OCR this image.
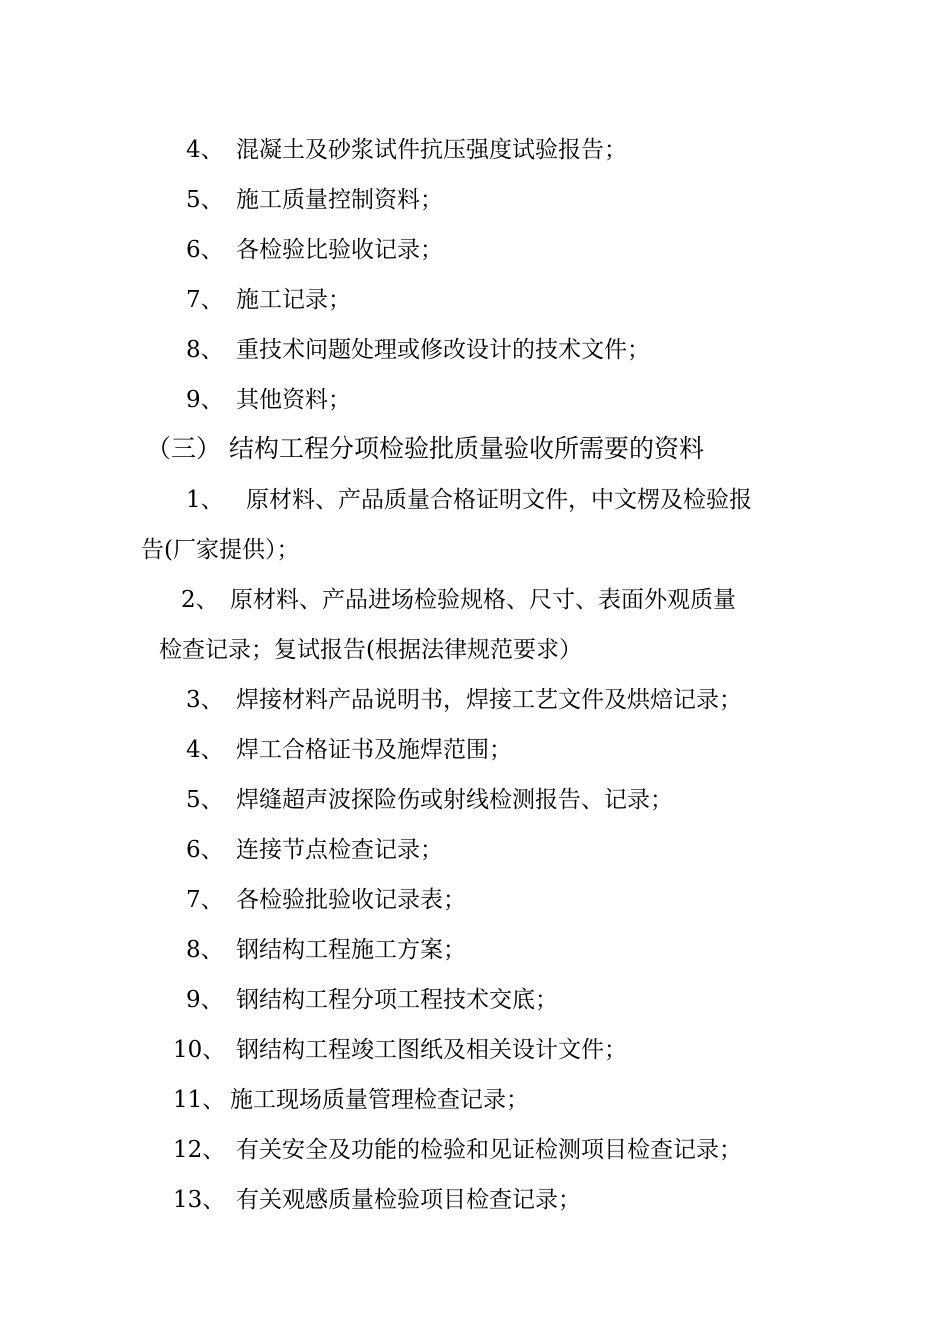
4、 混凝土及砂浆试件抗压强度试验报告；
5、 施工质量控制资料；
6、 各检验比验收记录；
7、 施工记录；
8、 重技术问题处理或修改设计的技术文件；
9、 其他资料；
（三） 结构工程分项检验批质量验收所需要的资料
1、 原材料、产品质量合格证明文件，中文楞及检验报
告(厂家提供）；
2、 原材料、产品进场检验规格、尺寸、表面外观质量
检查记录；复试报告(根据法律规范要求）
3、 焊接材料产品说明书，焊接工艺文件及烘焙记录；
4、 焊工合格证书及施焊范围；
5、 焊缝超声波探险伤或射线检测报告、记录；
6、 连接节点检查记录；
7、 各检验批验收记录表；
8、 钢结构工程施工方案；
9、 钢结构工程分项工程技术交底；
10、 钢结构工程竣工图纸及相关设计文件；
11、 施工现场质量管理检查记录；
12、 有关安全及功能的检验和见证检测项目检查记录；
13、 有关观感质量检验项目检查记录；
